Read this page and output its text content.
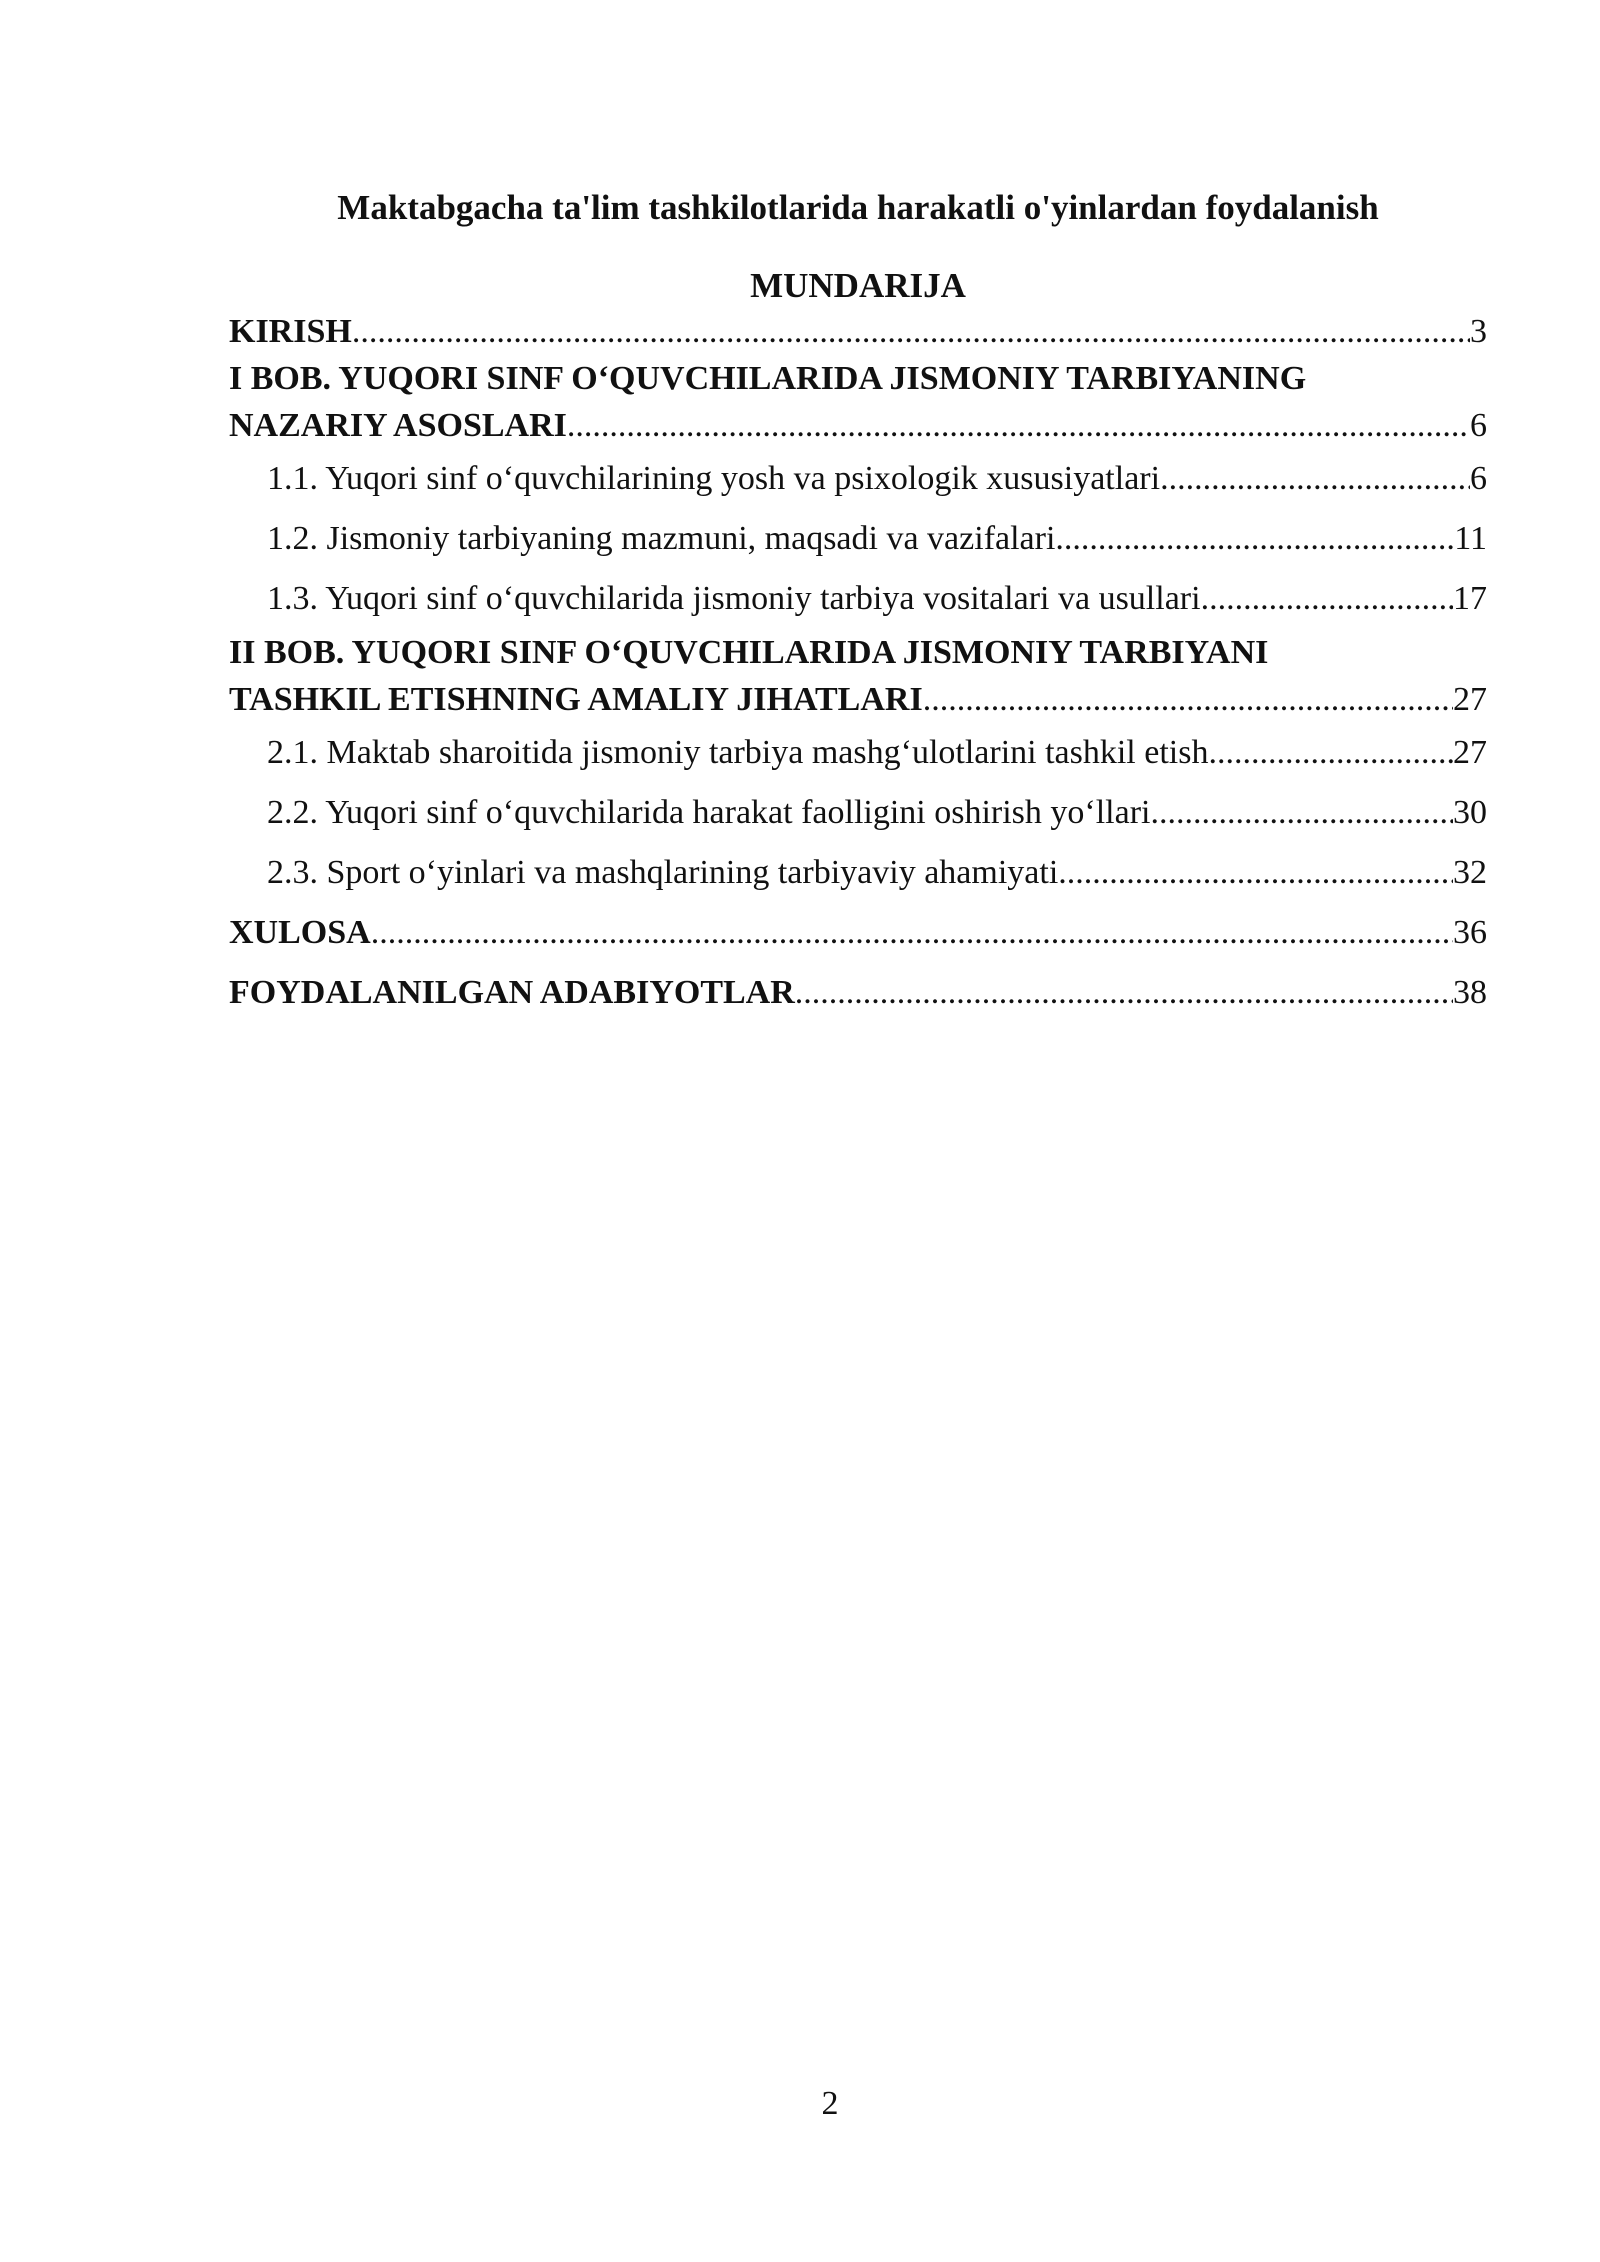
Maktabgacha ta'lim tashkilotlarida harakatli o'yinlardan foydalanish
MUNDARIJA
KIRISH .....	3
I BOB. YUQORI SINF O‘QUVCHILARIDA JISMONIY TARBIYANING
NAZARIY ASOSLARI .....	6
1.1. Yuqori sinf o‘quvchilarining yosh va psixologik xususiyatlari .....	6
1.2. Jismoniy tarbiyaning mazmuni, maqsadi va vazifalari .....	11
1.3. Yuqori sinf o‘quvchilarida jismoniy tarbiya vositalari va usullari .....	17
II BOB. YUQORI SINF O‘QUVCHILARIDA JISMONIY TARBIYANI
TASHKIL ETISHNING AMALIY JIHATLARI .....	27
2.1. Maktab sharoitida jismoniy tarbiya mashg‘ulotlarini tashkil etish .....	27
2.2. Yuqori sinf o‘quvchilarida harakat faolligini oshirish yo‘llari .....	30
2.3. Sport o‘yinlari va mashqlarining tarbiyaviy ahamiyati .....	32
XULOSA .....	36
FOYDALANILGAN ADABIYOTLAR .....	38
2
